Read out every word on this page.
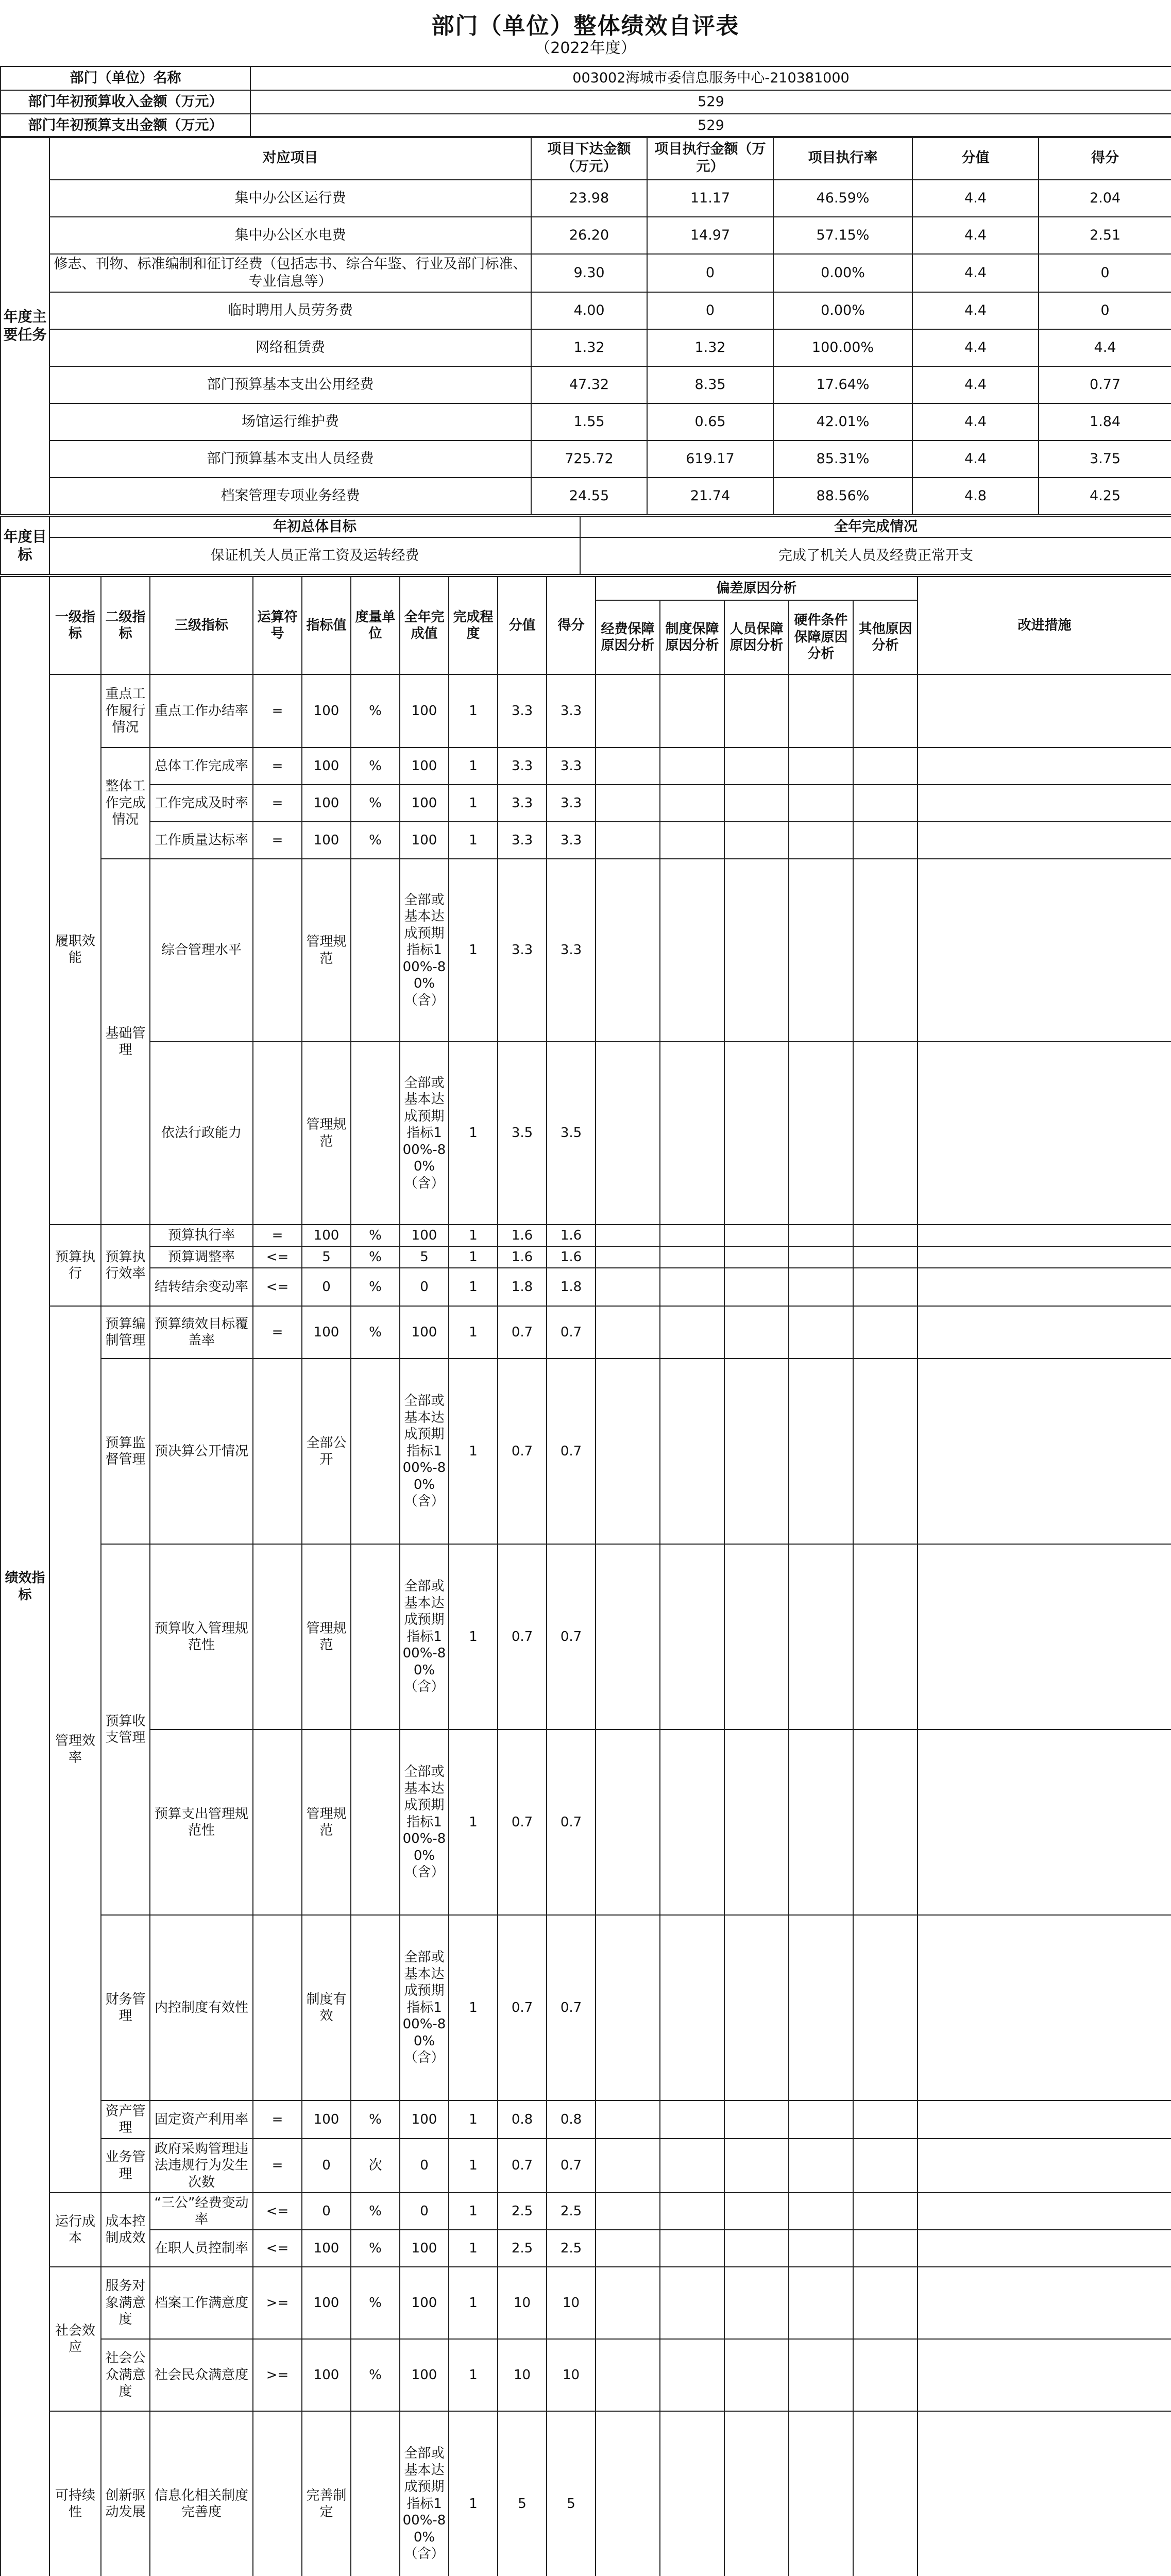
部门（单位）整体绩效自评表
（2022年度）
部门（单位）名称	003002海城市委信息服务中心-210381000
部门年初预算收入金额（万元）	529
部门年初预算支出金额（万元）	529
年度主要任务	对应项目	项目下达金额（万元）	项目执行金额（万元）	项目执行率	分值	得分
	集中办公区运行费	23.98	11.17	46.59%	4.4	2.04
	集中办公区水电费	26.20	14.97	57.15%	4.4	2.51
	修志、刊物、标准编制和征订经费（包括志书、综合年鉴、行业及部门标准、专业信息等）	9.30	0	0.00%	4.4	0
	临时聘用人员劳务费	4.00	0	0.00%	4.4	0
	网络租赁费	1.32	1.32	100.00%	4.4	4.4
	部门预算基本支出公用经费	47.32	8.35	17.64%	4.4	0.77
	场馆运行维护费	1.55	0.65	42.01%	4.4	1.84
	部门预算基本支出人员经费	725.72	619.17	85.31%	4.4	3.75
	档案管理专项业务经费	24.55	21.74	88.56%	4.8	4.25
年度目标	年初总体目标	全年完成情况
	保证机关人员正常工资及运转经费	完成了机关人员及经费正常开支
绩效指标	一级指标	二级指标	三级指标	运算符号	指标值	度量单位	全年完成值	完成程度	分值	得分	偏差原因分析					改进措施
											经费保障原因分析	制度保障原因分析	人员保障原因分析	硬件条件保障原因分析	其他原因分析	
	履职效能	重点工作履行情况	重点工作办结率	=	100	%	100	1	3.3	3.3						
		整体工作完成情况	总体工作完成率	=	100	%	100	1	3.3	3.3						
			工作完成及时率	=	100	%	100	1	3.3	3.3						
			工作质量达标率	=	100	%	100	1	3.3	3.3						
		基础管理	综合管理水平		管理规范		全部或基本达成预期指标100%-80%（含）	1	3.3	3.3						
			依法行政能力		管理规范		全部或基本达成预期指标100%-80%（含）	1	3.5	3.5						
	预算执行	预算执行效率	预算执行率	=	100	%	100	1	1.6	1.6						
			预算调整率	<=	5	%	5	1	1.6	1.6						
			结转结余变动率	<=	0	%	0	1	1.8	1.8						
	管理效率	预算编制管理	预算绩效目标覆盖率	=	100	%	100	1	0.7	0.7						
		预算监督管理	预决算公开情况		全部公开		全部或基本达成预期指标100%-80%（含）	1	0.7	0.7						
		预算收支管理	预算收入管理规范性		管理规范		全部或基本达成预期指标100%-80%（含）	1	0.7	0.7						
			预算支出管理规范性		管理规范		全部或基本达成预期指标100%-80%（含）	1	0.7	0.7						
		财务管理	内控制度有效性		制度有效		全部或基本达成预期指标100%-80%（含）	1	0.7	0.7						
		资产管理	固定资产利用率	=	100	%	100	1	0.8	0.8						
		业务管理	政府采购管理违法违规行为发生次数	=	0	次	0	1	0.7	0.7						
	运行成本	成本控制成效	“三公”经费变动率	<=	0	%	0	1	2.5	2.5						
			在职人员控制率	<=	100	%	100	1	2.5	2.5						
	社会效应	服务对象满意度	档案工作满意度	>=	100	%	100	1	10	10						
		社会公众满意度	社会民众满意度	>=	100	%	100	1	10	10						
	可持续性	创新驱动发展	信息化相关制度完善度		完善制定		全部或基本达成预期指标100%-80%（含）	1	5	5						
